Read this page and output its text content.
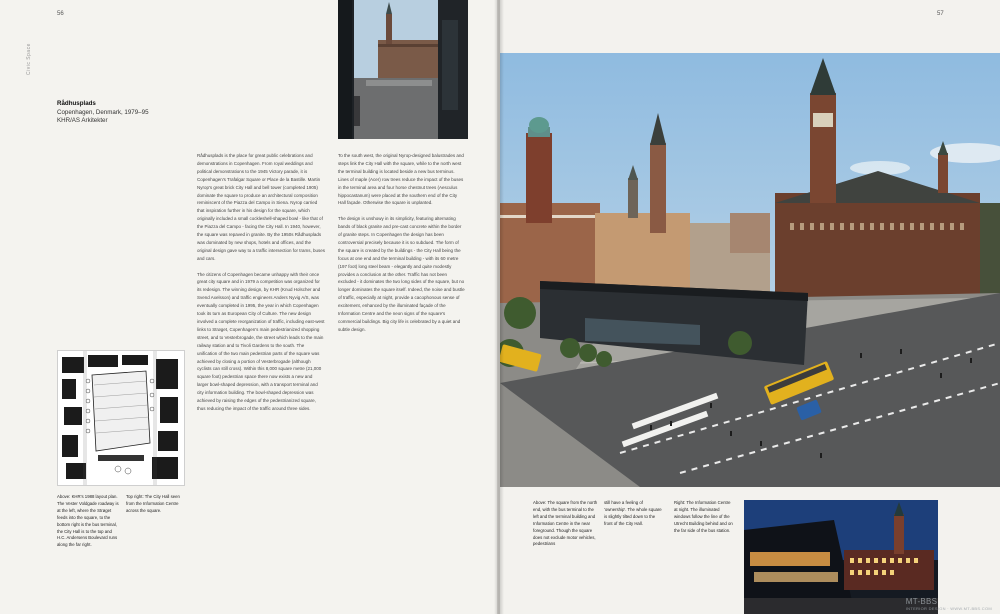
56
Civic Space
Rådhusplads
Copenhagen, Denmark, 1979–95
KHR/AS Arkitekter

Rådhusplads is the place for great public celebrations and demonstrations in Copenhagen. From royal weddings and political demonstrations to the 1945 Victory parade, it is Copenhagen's Trafalgar Square or Place de la Bastille. Martin Nyrop's great brick City Hall and bell tower (completed 1905) dominate the square to produce an architectural composition reminiscent of the Piazza del Campo in Siena. Nyrop carried that inspiration further in his design for the square, which originally included a small cockleshell-shaped bowl - like that of the Piazza del Campo - facing the City Hall. In 1940, however, the square was repaved in granite. By the 1950s Rådhusplads was dominated by new shops, hotels and offices, and the original design gave way to a traffic intersection for trams, buses and cars.

The citizens of Copenhagen became unhappy with their once great city square and in 1979 a competition was organized for its redesign. The winning design, by KHR (Knud Holscher and Svend Axelsson) and traffic engineers Anders Nyvig A/S, was eventually completed in 1995, the year in which Copenhagen took its turn as European City of Culture. The new design involved a complete reorganization of traffic, including east-west links to Strøget, Copenhagen's main pedestrianized shopping street, and to Vesterbrogade, the street which leads to the main railway station and to Tivoli Gardens to the south. The unification of the two main pedestrian parts of the square was achieved by closing a portion of Vesterbrogade (although cyclists can still cross). Within this 8,000 square metre (21,000 square foot) pedestrian space there now exists a new and larger bowl-shaped depression, with a transport terminal and city information building. The bowl-shaped depression was achieved by raising the edges of the pedestrianized square, thus reducing the impact of the traffic around three sides.

To the south west, the original Nyrop-designed balustrades and steps link the City Hall with the square, while to the north west the terminal building is located beside a new bus terminus. Lines of maple (Acer) row trees reduce the impact of the buses in the terminal area and four horse chestnut trees (Aesculus hippocastanum) were placed at the southern end of the City Hall façade. Otherwise the square is unplanted.

The design is unshowy in its simplicity, featuring alternating bands of black granite and pre-cast concrete within the border of granite steps. In Copenhagen the design has been controversial precisely because it is so subdued. The form of the square is created by the buildings - the City Hall being the focus at one end and the terminal building - with its 60 metre (197 foot) long steel beam - elegantly and quite modestly provides a conclusion at the other. Traffic has not been excluded - it dominates the two long sides of the square, but no longer dominates the square itself. Indeed, the noise and bustle of traffic, especially at night, provide a cacophonous sense of excitement, enhanced by the illuminated façade of the Information Centre and the neon signs of the square's commercial buildings. Big city life is celebrated by a quiet and subtle design.

Above: KHR's 1988 layout plan. The Vester Voldgade roadway is at the left, where the Strøget feeds into the square, to the bottom right is the bus terminal, the City Hall is to the top and H.C. Andersens Boulevard runs along the far right.
Top right: The City Hall seen from the Information Centre across the square.
57
Above: The square from the north end, with the bus terminal to the left and the terminal building and Information Centre in the near foreground. Though the square does not exclude motor vehicles, pedestrians
still have a feeling of 'ownership'. The whole square is slightly tilted down to the front of the City Hall.
Right: The Information Centre at night. The illuminated windows follow the line of the Utrecht Building behind and on the far side of the bus station.
MT-BBS
INTERIOR DESIGN · WWW.MT-BBS.COM
